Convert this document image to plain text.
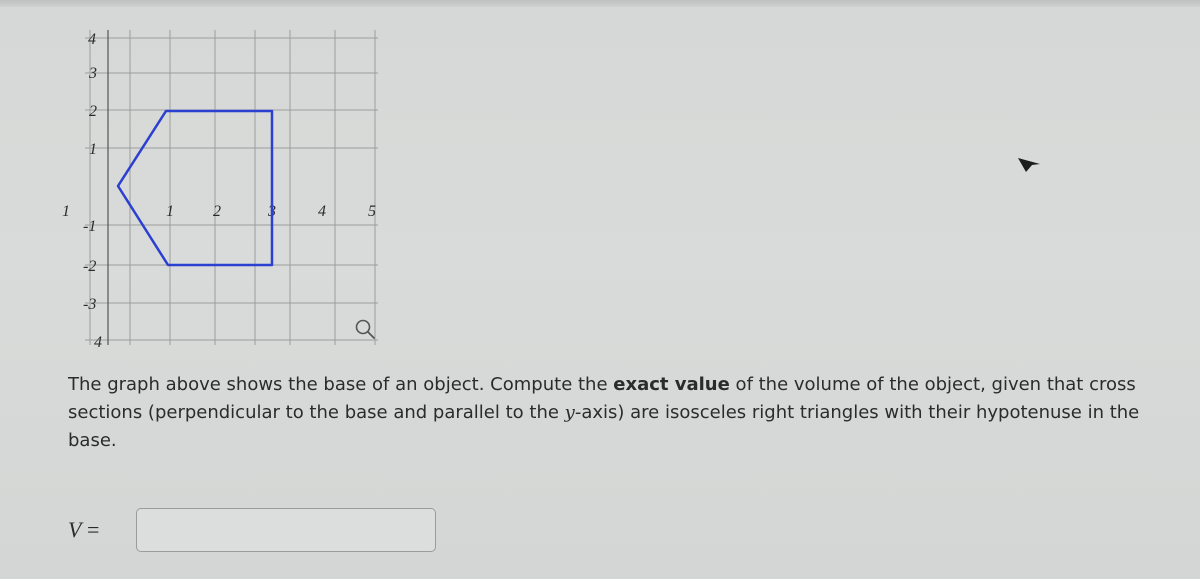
1	1 2	3	4	5
4
3
2
1
-1
-2
-3
4
The graph above shows the base of an object. Compute the exact value of the volume of the object, given that cross sections (perpendicular to the base and parallel to the y-axis) are isosceles right triangles with their hypotenuse in the base.
V =
